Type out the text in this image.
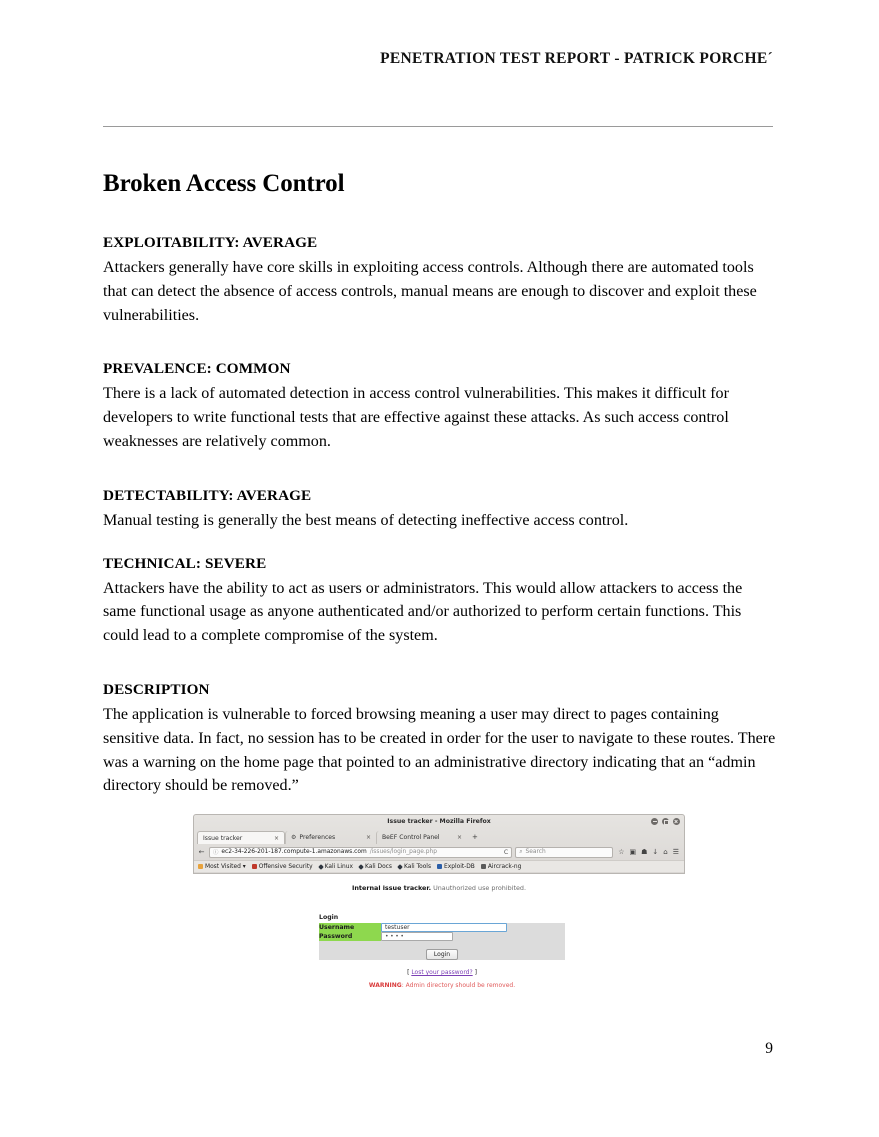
PENETRATION TEST REPORT - PATRICK PORCHE´
Broken Access Control

EXPLOITABILITY: AVERAGE

Attackers generally have core skills in exploiting access controls. Although there are automated tools that can detect the absence of access controls, manual means are enough to discover and exploit these vulnerabilities.

PREVALENCE: COMMON

There is a lack of automated detection in access control vulnerabilities. This makes it difficult for developers to write functional tests that are effective against these attacks. As such access control weaknesses are relatively common.

DETECTABILITY: AVERAGE

Manual testing is generally the best means of detecting ineffective access control.

TECHNICAL: SEVERE

Attackers have the ability to act as users or administrators. This would allow attackers to access the same functional usage as anyone authenticated and/or authorized to perform certain functions. This could lead to a complete compromise of the system.

DESCRIPTION

The application is vulnerable to forced browsing meaning a user may direct to pages containing sensitive data. In fact, no session has to be created in order for the user to navigate to these routes. There was a warning on the home page that pointed to an administrative directory indicating that an “admin directory should be removed.”

Issue tracker - Mozilla Firefox
Issue tracker	× ⚙ Preferences	× BeEF Control Panel	×	+
← ⓘ ec2-34-226-201-187.compute-1.amazonaws.com /issues/login_page.php	C ⌕ Search	☆ ▣ ☗ ↓ ⌂ ☰
Most Visited ▾ Offensive Security Kali Linux Kali Docs Kali Tools Exploit-DB Aircrack-ng
Internal issue tracker. Unauthorized use prohibited.
Login
Username	testuser

Password	••••

Login	
[ Lost your password? ]
WARNING: Admin directory should be removed.
9
